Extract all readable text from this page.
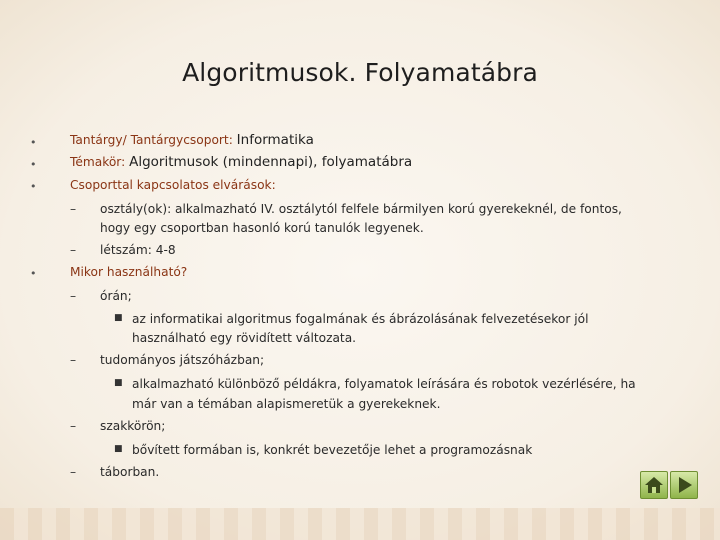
Algoritmusok. Folyamatábra
•	Tantárgy/ Tantárgycsoport: Informatika
•	Témakör: Algoritmusok (mindennapi), folyamatábra
•	Csoporttal kapcsolatos elvárások:
– osztály(ok): alkalmazható IV. osztálytól felfele bármilyen korú gyerekeknél, de fontos,
hogy egy csoportban hasonló korú tanulók legyenek.
– létszám: 4-8
•	Mikor használható?
– órán;
■ az informatikai algoritmus fogalmának és ábrázolásának felvezetésekor jól
használható egy rövidített változata.
– tudományos játszóházban;
■ alkalmazható különböző példákra, folyamatok leírására és robotok vezérlésére, ha
már van a témában alapismeretük a gyerekeknek.
– szakkörön;
■ bővített formában is, konkrét bevezetője lehet a programozásnak
– táborban.
